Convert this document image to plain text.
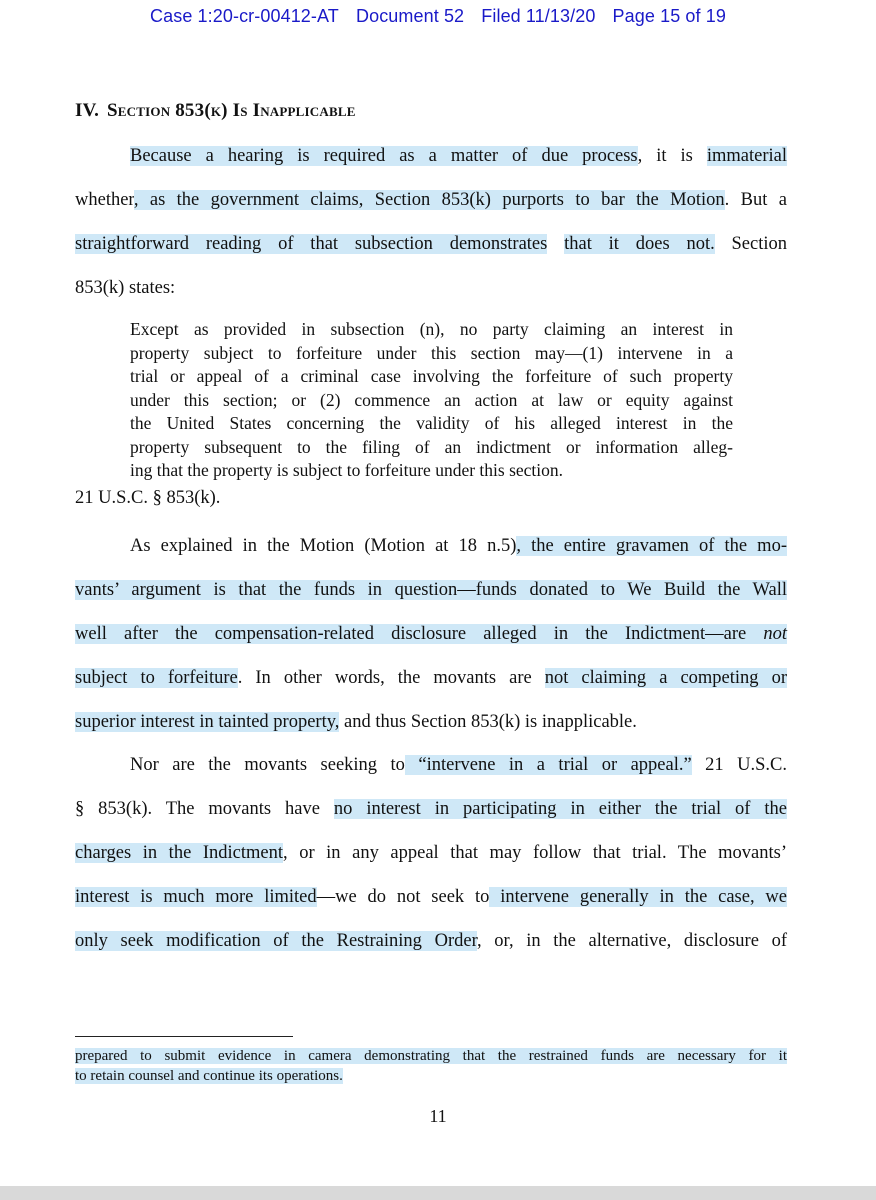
Case 1:20-cr-00412-AT Document 52 Filed 11/13/20 Page 15 of 19
IV. Section 853(k) Is Inapplicable
Because a hearing is required as a matter of due process, it is immaterial
whether, as the government claims, Section 853(k) purports to bar the Motion. But a
straightforward reading of that subsection demonstrates that it does not. Section
853(k) states:
Except as provided in subsection (n), no party claiming an interest in
property subject to forfeiture under this section may—(1) intervene in a
trial or appeal of a criminal case involving the forfeiture of such property
under this section; or (2) commence an action at law or equity against
the United States concerning the validity of his alleged interest in the
property subsequent to the filing of an indictment or information alleg-
ing that the property is subject to forfeiture under this section.
21 U.S.C. § 853(k).
As explained in the Motion (Motion at 18 n.5), the entire gravamen of the mo-
vants’ argument is that the funds in question—funds donated to We Build the Wall
well after the compensation-related disclosure alleged in the Indictment—are not
subject to forfeiture. In other words, the movants are not claiming a competing or
superior interest in tainted property, and thus Section 853(k) is inapplicable.
Nor are the movants seeking to “intervene in a trial or appeal.” 21 U.S.C.
§ 853(k). The movants have no interest in participating in either the trial of the
charges in the Indictment, or in any appeal that may follow that trial. The movants’
interest is much more limited—we do not seek to intervene generally in the case, we
only seek modification of the Restraining Order, or, in the alternative, disclosure of
prepared to submit evidence in camera demonstrating that the restrained funds are necessary for it
to retain counsel and continue its operations.
11
